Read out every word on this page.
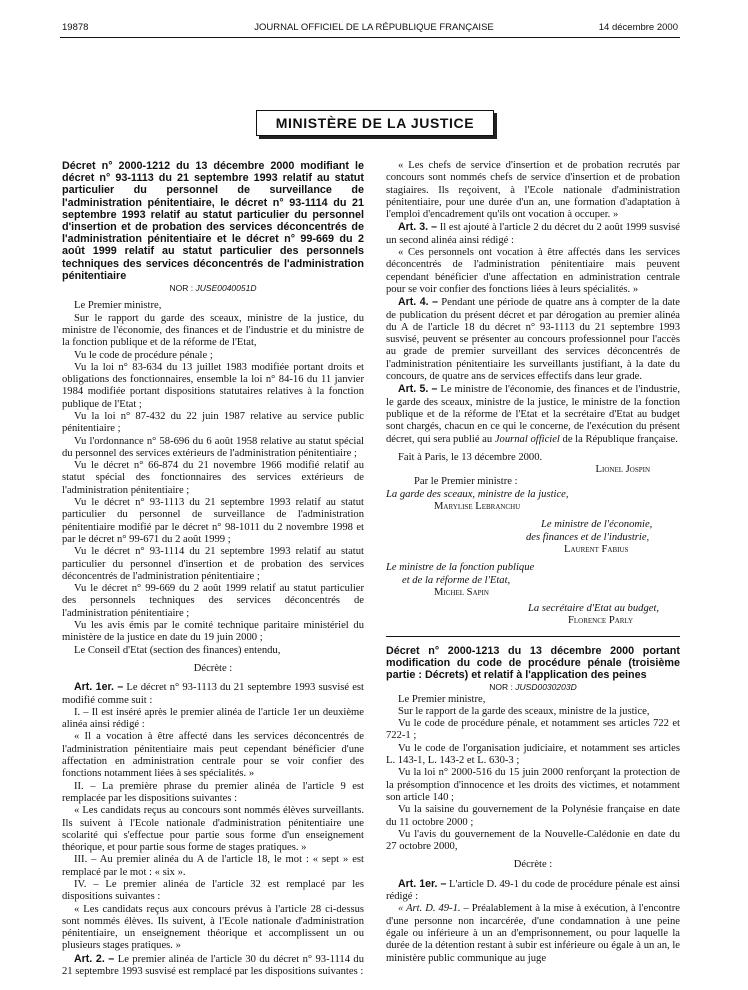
19878	JOURNAL OFFICIEL DE LA RÉPUBLIQUE FRANÇAISE	14 décembre 2000
MINISTÈRE DE LA JUSTICE

Décret n° 2000-1212 du 13 décembre 2000 modifiant le décret n° 93-1113 du 21 septembre 1993 relatif au statut particulier du personnel de surveillance de l'administration pénitentiaire, le décret n° 93-1114 du 21 septembre 1993 relatif au statut particulier du personnel d'insertion et de probation des services déconcentrés de l'administration pénitentiaire et le décret n° 99-669 du 2 août 1999 relatif au statut particulier des personnels techniques des services déconcentrés de l'administration pénitentiaire

NOR : JUSE0040051D

Le Premier ministre,

Sur le rapport du garde des sceaux, ministre de la justice, du ministre de l'économie, des finances et de l'industrie et du ministre de la fonction publique et de la réforme de l'Etat,

Vu le code de procédure pénale ;

Vu la loi n° 83-634 du 13 juillet 1983 modifiée portant droits et obligations des fonctionnaires, ensemble la loi n° 84-16 du 11 janvier 1984 modifiée portant dispositions statutaires relatives à la fonction publique de l'Etat ;

Vu la loi n° 87-432 du 22 juin 1987 relative au service public pénitentiaire ;

Vu l'ordonnance n° 58-696 du 6 août 1958 relative au statut spécial du personnel des services extérieurs de l'administration pénitentiaire ;

Vu le décret n° 66-874 du 21 novembre 1966 modifié relatif au statut spécial des fonctionnaires des services extérieurs de l'administration pénitentiaire ;

Vu le décret n° 93-1113 du 21 septembre 1993 relatif au statut particulier du personnel de surveillance de l'administration pénitentiaire modifié par le décret n° 98-1011 du 2 novembre 1998 et par le décret n° 99-671 du 2 août 1999 ;

Vu le décret n° 93-1114 du 21 septembre 1993 relatif au statut particulier du personnel d'insertion et de probation des services déconcentrés de l'administration pénitentiaire ;

Vu le décret n° 99-669 du 2 août 1999 relatif au statut particulier des personnels techniques des services déconcentrés de l'administration pénitentiaire ;

Vu les avis émis par le comité technique paritaire ministériel du ministère de la justice en date du 19 juin 2000 ;

Le Conseil d'Etat (section des finances) entendu,

Décrète :

Art. 1er. – Le décret n° 93-1113 du 21 septembre 1993 susvisé est modifié comme suit :

I. – Il est inséré après le premier alinéa de l'article 1er un deuxième alinéa ainsi rédigé :

« Il a vocation à être affecté dans les services déconcentrés de l'administration pénitentiaire mais peut cependant bénéficier d'une affectation en administration centrale pour se voir confier des fonctions notamment liées à ses spécialités. »

II. – La première phrase du premier alinéa de l'article 9 est remplacée par les dispositions suivantes :

« Les candidats reçus au concours sont nommés élèves surveillants. Ils suivent à l'Ecole nationale d'administration pénitentiaire une scolarité qui s'effectue pour partie sous forme d'un enseignement théorique, et pour partie sous forme de stages pratiques. »

III. – Au premier alinéa du A de l'article 18, le mot : « sept » est remplacé par le mot : « six ».

IV. – Le premier alinéa de l'article 32 est remplacé par les dispositions suivantes :

« Les candidats reçus aux concours prévus à l'article 28 ci-dessus sont nommés élèves. Ils suivent, à l'Ecole nationale d'administration pénitentiaire, un enseignement théorique et accomplissent un ou plusieurs stages pratiques. »

Art. 2. – Le premier alinéa de l'article 30 du décret n° 93-1114 du 21 septembre 1993 susvisé est remplacé par les dispositions suivantes :

« Les chefs de service d'insertion et de probation recrutés par concours sont nommés chefs de service d'insertion et de probation stagiaires. Ils reçoivent, à l'Ecole nationale d'administration pénitentiaire, pour une durée d'un an, une formation d'adaptation à l'emploi d'encadrement qu'ils ont vocation à occuper. »

Art. 3. – Il est ajouté à l'article 2 du décret du 2 août 1999 susvisé un second alinéa ainsi rédigé :

« Ces personnels ont vocation à être affectés dans les services déconcentrés de l'administration pénitentiaire mais peuvent cependant bénéficier d'une affectation en administration centrale pour se voir confier des fonctions liées à leurs spécialités. »

Art. 4. – Pendant une période de quatre ans à compter de la date de publication du présent décret et par dérogation au premier alinéa du A de l'article 18 du décret n° 93-1113 du 21 septembre 1993 susvisé, peuvent se présenter au concours professionnel pour l'accès au grade de premier surveillant des services déconcentrés de l'administration pénitentiaire les surveillants justifiant, à la date du concours, de quatre ans de services effectifs dans leur grade.

Art. 5. – Le ministre de l'économie, des finances et de l'industrie, le garde des sceaux, ministre de la justice, le ministre de la fonction publique et de la réforme de l'Etat et la secrétaire d'Etat au budget sont chargés, chacun en ce qui le concerne, de l'exécution du présent décret, qui sera publié au Journal officiel de la République française.

Fait à Paris, le 13 décembre 2000.

Lionel Jospin

Par le Premier ministre :

La garde des sceaux, ministre de la justice,

Marylise Lebranchu

Le ministre de l'économie,

des finances et de l'industrie,

Laurent Fabius

Le ministre de la fonction publique

et de la réforme de l'Etat,

Michel Sapin

La secrétaire d'Etat au budget,

Florence Parly

Décret n° 2000-1213 du 13 décembre 2000 portant modification du code de procédure pénale (troisième partie : Décrets) et relatif à l'application des peines

NOR : JUSD0030203D

Le Premier ministre,

Sur le rapport de la garde des sceaux, ministre de la justice,

Vu le code de procédure pénale, et notamment ses articles 722 et 722-1 ;

Vu le code de l'organisation judiciaire, et notamment ses articles L. 143-1, L. 143-2 et L. 630-3 ;

Vu la loi n° 2000-516 du 15 juin 2000 renforçant la protection de la présomption d'innocence et les droits des victimes, et notamment son article 140 ;

Vu la saisine du gouvernement de la Polynésie française en date du 11 octobre 2000 ;

Vu l'avis du gouvernement de la Nouvelle-Calédonie en date du 27 octobre 2000,

Décrète :

Art. 1er. – L'article D. 49-1 du code de procédure pénale est ainsi rédigé :

« Art. D. 49-1. – Préalablement à la mise à exécution, à l'encontre d'une personne non incarcérée, d'une condamnation à une peine égale ou inférieure à un an d'emprisonnement, ou pour laquelle la durée de la détention restant à subir est inférieure ou égale à un an, le ministère public communique au juge
